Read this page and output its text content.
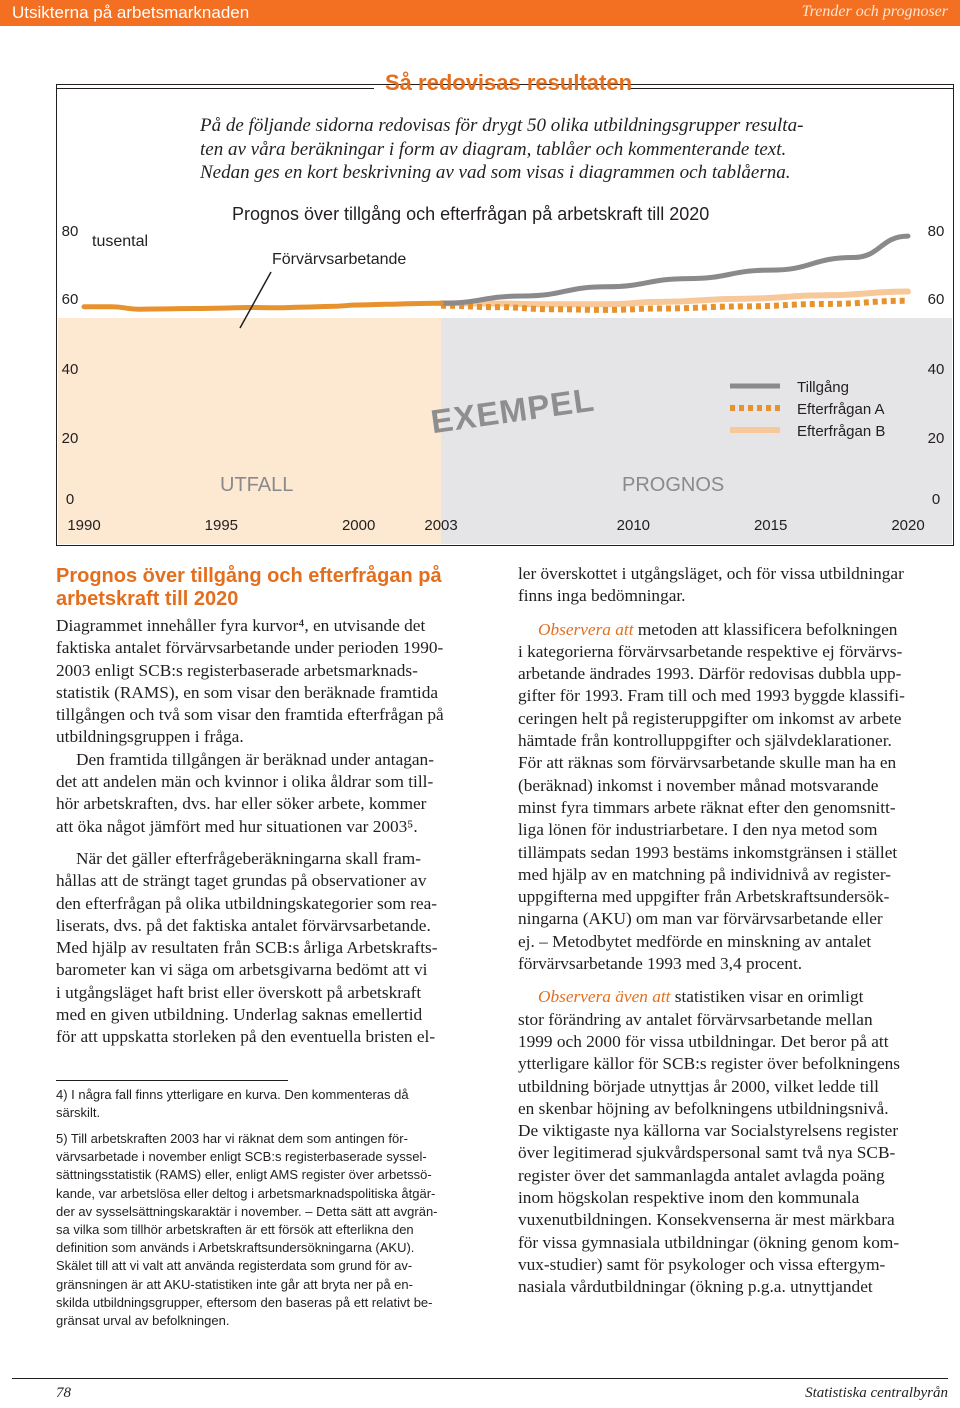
Utsikterna på arbetsmarknaden	Trender och prognoser
Så redovisas resultaten
På de följande sidorna redovisas för drygt 50 olika utbildningsgrupper resulta-
ten av våra beräkningar i form av diagram, tablåer och kommenterande text.
Nedan ges en kort beskrivning av vad som visas i diagrammen och tablåerna.
0	0
20	20
40	40
60	60
80	80
1990	1995	2000	2003	2010	2015	2020
Prognos över tillgång och efterfrågan på arbetskraft till 2020
tusental
Förvärvsarbetande
EXEMPEL	Tillgång
Efterfrågan A
Efterfrågan B
UTFALL	PROGNOS
Prognos över tillgång och efterfrågan på
arbetskraft till 2020
Diagrammet innehåller fyra kurvor⁴, en utvisande det
faktiska antalet förvärvsarbetande under perioden 1990-
2003 enligt SCB:s registerbaserade arbetsmarknads-
statistik (RAMS), en som visar den beräknade framtida
tillgången och två som visar den framtida efterfrågan på
utbildningsgruppen i fråga.
Den framtida tillgången är beräknad under antagan-
det att andelen män och kvinnor i olika åldrar som till-
hör arbetskraften, dvs. har eller söker arbete, kommer
att öka något jämfört med hur situationen var 2003⁵.
När det gäller efterfrågeberäkningarna skall fram-
hållas att de strängt taget grundas på observationer av
den efterfrågan på olika utbildningskategorier som rea-
liserats, dvs. på det faktiska antalet förvärvsarbetande.
Med hjälp av resultaten från SCB:s årliga Arbetskrafts-
barometer kan vi säga om arbetsgivarna bedömt att vi
i utgångsläget haft brist eller överskott på arbetskraft
med en given utbildning. Underlag saknas emellertid
för att uppskatta storleken på den eventuella bristen el-
4) I några fall finns ytterligare en kurva. Den kommenteras då
särskilt.
5) Till arbetskraften 2003 har vi räknat dem som antingen för-
värvsarbetade i november enligt SCB:s registerbaserade syssel-
sättningsstatistik (RAMS) eller, enligt AMS register över arbetssö-
kande, var arbetslösa eller deltog i arbetsmarknadspolitiska åtgär-
der av sysselsättningskaraktär i november. – Detta sätt att avgrän-
sa vilka som tillhör arbetskraften är ett försök att efterlikna den
definition som används i Arbetskraftsundersökningarna (AKU).
Skälet till att vi valt att använda registerdata som grund för av-
gränsningen är att AKU-statistiken inte går att bryta ner på en-
skilda utbildningsgrupper, eftersom den baseras på ett relativt be-
gränsat urval av befolkningen.
ler överskottet i utgångsläget, och för vissa utbildningar
finns inga bedömningar.
Observera att metoden att klassificera befolkningen
i kategorierna förvärvsarbetande respektive ej förvärvs-
arbetande ändrades 1993. Därför redovisas dubbla upp-
gifter för 1993. Fram till och med 1993 byggde klassifi-
ceringen helt på registeruppgifter om inkomst av arbete
hämtade från kontrolluppgifter och självdeklarationer.
För att räknas som förvärvsarbetande skulle man ha en
(beräknad) inkomst i november månad motsvarande
minst fyra timmars arbete räknat efter den genomsnitt-
liga lönen för industriarbetare. I den nya metod som
tillämpats sedan 1993 bestäms inkomstgränsen i stället
med hjälp av en matchning på individnivå av register-
uppgifterna med uppgifter från Arbetskraftsundersök-
ningarna (AKU) om man var förvärvsarbetande eller
ej. – Metodbytet medförde en minskning av antalet
förvärvsarbetande 1993 med 3,4 procent.
Observera även att statistiken visar en orimligt
stor förändring av antalet förvärvsarbetande mellan
1999 och 2000 för vissa utbildningar. Det beror på att
ytterligare källor för SCB:s register över befolkningens
utbildning började utnyttjas år 2000, vilket ledde till
en skenbar höjning av befolkningens utbildningsnivå.
De viktigaste nya källorna var Socialstyrelsens register
över legitimerad sjukvårdspersonal samt två nya SCB-
register över det sammanlagda antalet avlagda poäng
inom högskolan respektive inom den kommunala
vuxenutbildningen. Konsekvenserna är mest märkbara
för vissa gymnasiala utbildningar (ökning genom kom-
vux-studier) samt för psykologer och vissa eftergym-
nasiala vårdutbildningar (ökning p.g.a. utnyttjandet
78	Statistiska centralbyrån
